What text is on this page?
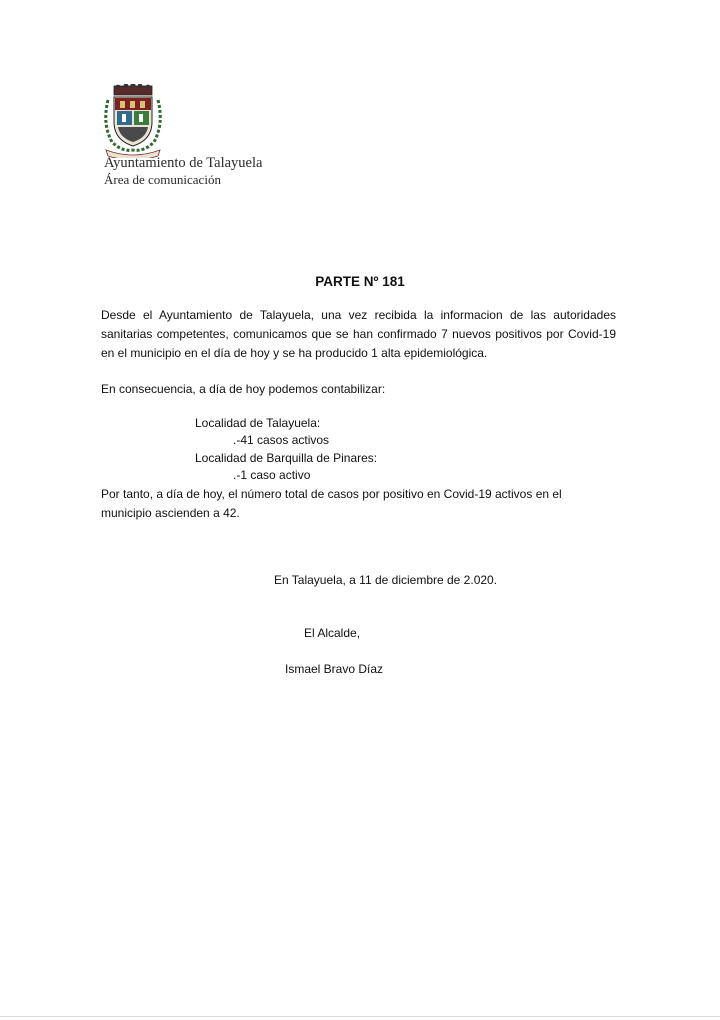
Ayuntamiento de Talayuela
Área de comunicación
PARTE Nº 181

Desde el Ayuntamiento de Talayuela, una vez recibida la informacion de las autoridades sanitarias competentes, comunicamos que se han confirmado 7 nuevos positivos por Covid-19 en el municipio en el día de hoy y se ha producido 1 alta epidemiológica.

En consecuencia, a día de hoy podemos contabilizar:

Localidad de Talayuela:

.-41 casos activos

Localidad de Barquilla de Pinares:

.-1 caso activo

Por tanto, a día de hoy, el número total de casos por positivo en Covid-19 activos en el municipio ascienden a 42.

En Talayuela, a 11 de diciembre de 2.020.

El Alcalde,

Ismael Bravo Díaz
